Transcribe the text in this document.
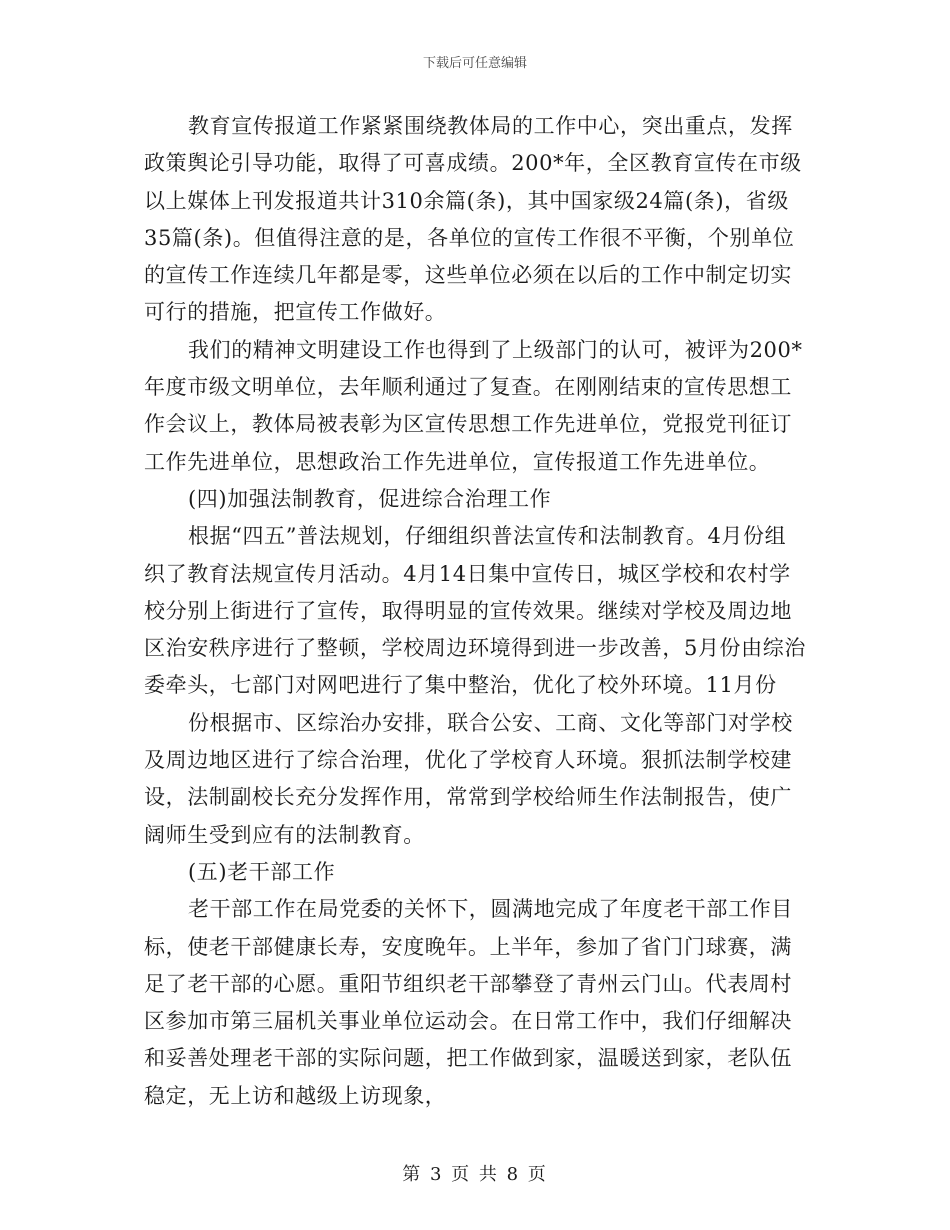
下载后可任意编辑
教育宣传报道工作紧紧围绕教体局的工作中心，突出重点，发挥
政策舆论引导功能，取得了可喜成绩。200*年，全区教育宣传在市级
以上媒体上刊发报道共计310余篇(条)，其中国家级24篇(条)，省级
35篇(条)。但值得注意的是，各单位的宣传工作很不平衡，个别单位
的宣传工作连续几年都是零，这些单位必须在以后的工作中制定切实
可行的措施，把宣传工作做好。
我们的精神文明建设工作也得到了上级部门的认可，被评为200*
年度市级文明单位，去年顺利通过了复查。在刚刚结束的宣传思想工
作会议上，教体局被表彰为区宣传思想工作先进单位，党报党刊征订
工作先进单位，思想政治工作先进单位，宣传报道工作先进单位。
(四)加强法制教育，促进综合治理工作
根据“四五”普法规划，仔细组织普法宣传和法制教育。4月份组
织了教育法规宣传月活动。4月14日集中宣传日，城区学校和农村学
校分别上街进行了宣传，取得明显的宣传效果。继续对学校及周边地
区治安秩序进行了整顿，学校周边环境得到进一步改善，5月份由综治
委牵头，七部门对网吧进行了集中整治，优化了校外环境。11月份
份根据市、区综治办安排，联合公安、工商、文化等部门对学校
及周边地区进行了综合治理，优化了学校育人环境。狠抓法制学校建
设，法制副校长充分发挥作用，常常到学校给师生作法制报告，使广
阔师生受到应有的法制教育。
(五)老干部工作
老干部工作在局党委的关怀下，圆满地完成了年度老干部工作目
标，使老干部健康长寿，安度晚年。上半年，参加了省门门球赛，满
足了老干部的心愿。重阳节组织老干部攀登了青州云门山。代表周村
区参加市第三届机关事业单位运动会。在日常工作中，我们仔细解决
和妥善处理老干部的实际问题，把工作做到家，温暖送到家，老队伍
稳定，无上访和越级上访现象，
第 3 页 共 8 页
